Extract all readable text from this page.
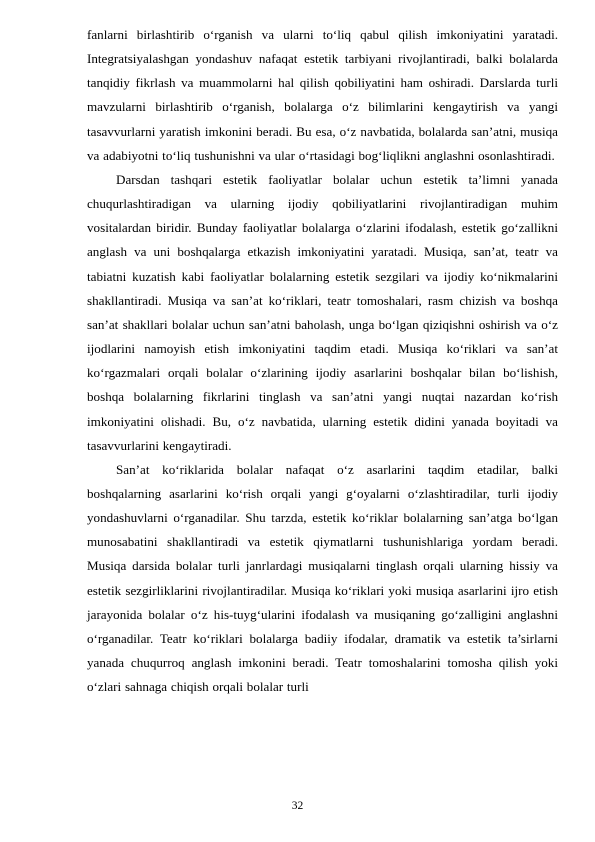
fanlarni birlashtirib o‘rganish va ularni to‘liq qabul qilish imkoniyatini yaratadi. Integratsiyalashgan yondashuv nafaqat estetik tarbiyani rivojlantiradi, balki bolalarda tanqidiy fikrlash va muammolarni hal qilish qobiliyatini ham oshiradi. Darslarda turli mavzularni birlashtirib o‘rganish, bolalarga o‘z bilimlarini kengaytirish va yangi tasavvurlarni yaratish imkonini beradi. Bu esa, o‘z navbatida, bolalarda san’atni, musiqa va adabiyotni to‘liq tushunishni va ular o‘rtasidagi bog‘liqlikni anglashni osonlashtiradi.

Darsdan tashqari estetik faoliyatlar bolalar uchun estetik ta’limni yanada chuqurlashtiradigan va ularning ijodiy qobiliyatlarini rivojlantiradigan muhim vositalardan biridir. Bunday faoliyatlar bolalarga o‘zlarini ifodalash, estetik go‘zallikni anglash va uni boshqalarga etkazish imkoniyatini yaratadi. Musiqa, san’at, teatr va tabiatni kuzatish kabi faoliyatlar bolalarning estetik sezgilari va ijodiy ko‘nikmalarini shakllantiradi. Musiqa va san’at ko‘riklari, teatr tomoshalari, rasm chizish va boshqa san’at shakllari bolalar uchun san’atni baholash, unga bo‘lgan qiziqishni oshirish va o‘z ijodlarini namoyish etish imkoniyatini taqdim etadi. Musiqa ko‘riklari va san’at ko‘rgazmalari orqali bolalar o‘zlarining ijodiy asarlarini boshqalar bilan bo‘lishish, boshqa bolalarning fikrlarini tinglash va san’atni yangi nuqtai nazardan ko‘rish imkoniyatini olishadi. Bu, o‘z navbatida, ularning estetik didini yanada boyitadi va tasavvurlarini kengaytiradi.

San’at ko‘riklarida bolalar nafaqat o‘z asarlarini taqdim etadilar, balki boshqalarning asarlarini ko‘rish orqali yangi g‘oyalarni o‘zlashtiradilar, turli ijodiy yondashuvlarni o‘rganadilar. Shu tarzda, estetik ko‘riklar bolalarning san’atga bo‘lgan munosabatini shakllantiradi va estetik qiymatlarni tushunishlariga yordam beradi. Musiqa darsida bolalar turli janrlardagi musiqalarni tinglash orqali ularning hissiy va estetik sezgirliklarini rivojlantiradilar. Musiqa ko‘riklari yoki musiqa asarlarini ijro etish jarayonida bolalar o‘z his-tuyg‘ularini ifodalash va musiqaning go‘zalligini anglashni o‘rganadilar. Teatr ko‘riklari bolalarga badiiy ifodalar, dramatik va estetik ta’sirlarni yanada chuqurroq anglash imkonini beradi. Teatr tomoshalarini tomosha qilish yoki o‘zlari sahnaga chiqish orqali bolalar turli

32
